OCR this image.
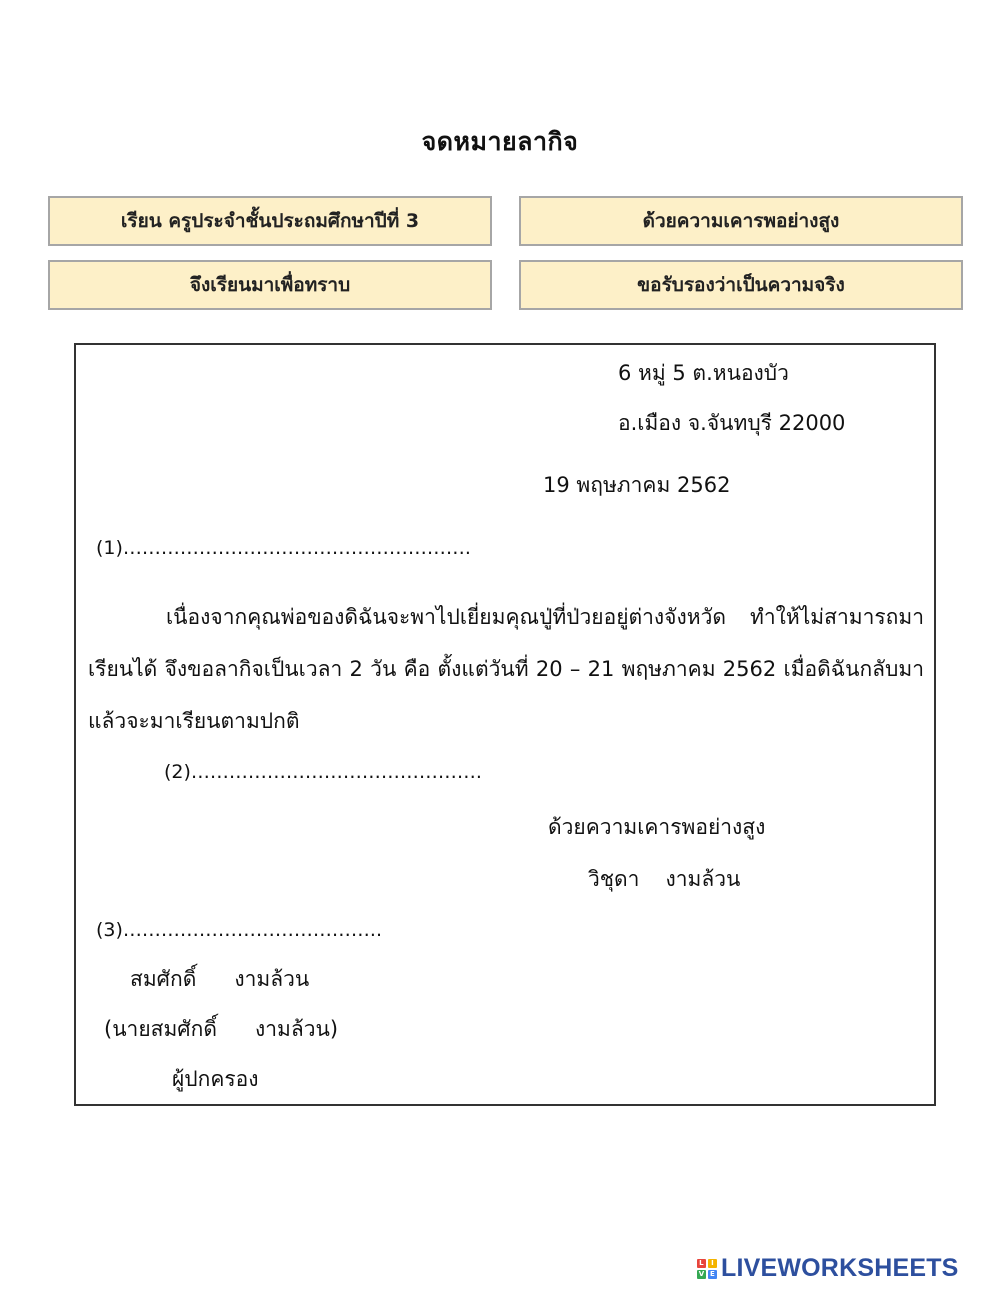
จดหมายลากิจ
เรียน ครูประจำชั้นประถมศึกษาปีที่ 3	ด้วยความเคารพอย่างสูง
จึงเรียนมาเพื่อทราบ	ขอรับรองว่าเป็นความจริง
6 หมู่ 5 ต.หนองบัว
อ.เมือง จ.จันทบุรี 22000
19 พฤษภาคม 2562
(1)……………………………………………….
เนื่องจากคุณพ่อของดิฉันจะพาไปเยี่ยมคุณปู่ที่ป่วยอยู่ต่างจังหวัด ทำให้ไม่สามารถมาเรียนได้ จึงขอลากิจเป็นเวลา 2 วัน คือ ตั้งแต่วันที่ 20 – 21 พฤษภาคม 2562 เมื่อดิฉันกลับมาแล้วจะมาเรียนตามปกติ
(2)……………………………………….
ด้วยความเคารพอย่างสูง
วิชุดา งามล้วน
(3)…………………………………..
สมศักดิ์ งามล้วน
(นายสมศักดิ์ งามล้วน)
ผู้ปกครอง
L	I
V E LIVEWORKSHEETS
